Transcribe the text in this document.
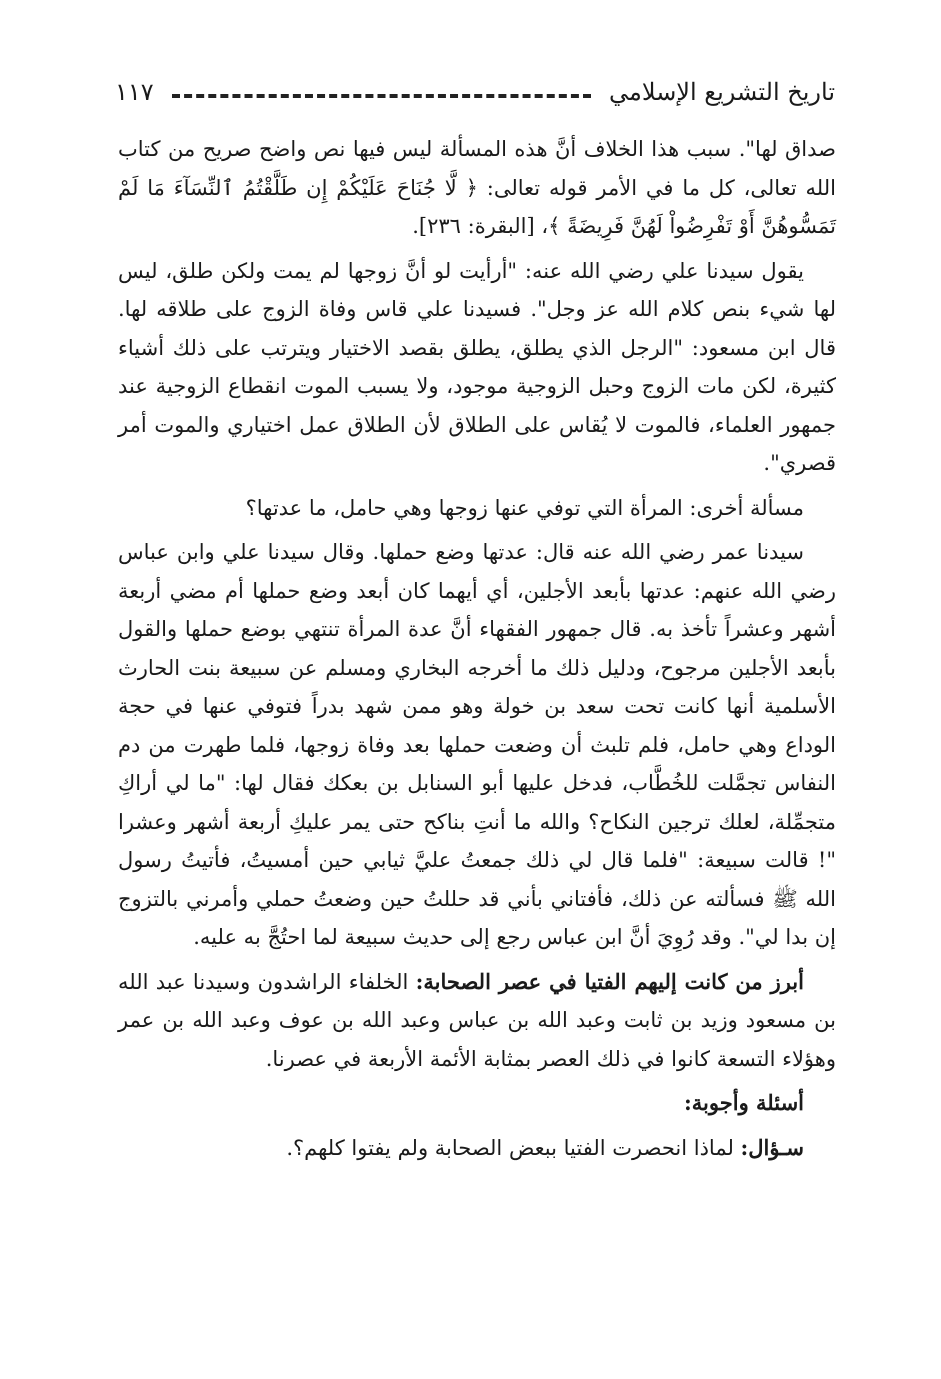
تاريخ التشريع الإسلامي
١١٧

صداق لها". سبب هذا الخلاف أنَّ هذه المسألة ليس فيها نص واضح صريح من كتاب الله تعالى، كل ما في الأمر قوله تعالى: ﴿ لَّا جُنَاحَ عَلَيْكُمْ إِن طَلَّقْتُمُ ٱلنِّسَآءَ مَا لَمْ تَمَسُّوهُنَّ أَوْ تَفْرِضُواْ لَهُنَّ فَرِيضَةً ﴾، [البقرة: ٢٣٦].

يقول سيدنا علي رضي الله عنه: "أرأيت لو أنَّ زوجها لم يمت ولكن طلق، ليس لها شيء بنص كلام الله عز وجل". فسيدنا علي قاس وفاة الزوج على طلاقه لها. قال ابن مسعود: "الرجل الذي يطلق، يطلق بقصد الاختيار ويترتب على ذلك أشياء كثيرة، لكن مات الزوج وحبل الزوجية موجود، ولا يسبب الموت انقطاع الزوجية عند جمهور العلماء، فالموت لا يُقاس على الطلاق لأن الطلاق عمل اختياري والموت أمر قصري".

مسألة أخرى: المرأة التي توفي عنها زوجها وهي حامل، ما عدتها؟

سيدنا عمر رضي الله عنه قال: عدتها وضع حملها. وقال سيدنا علي وابن عباس رضي الله عنهم: عدتها بأبعد الأجلين، أي أيهما كان أبعد وضع حملها أم مضي أربعة أشهر وعشراً تأخذ به. قال جمهور الفقهاء أنَّ عدة المرأة تنتهي بوضع حملها والقول بأبعد الأجلين مرجوح، ودليل ذلك ما أخرجه البخاري ومسلم عن سبيعة بنت الحارث الأسلمية أنها كانت تحت سعد بن خولة وهو ممن شهد بدراً فتوفي عنها في حجة الوداع وهي حامل، فلم تلبث أن وضعت حملها بعد وفاة زوجها، فلما طهرت من دم النفاس تجمَّلت للخُطَّاب، فدخل عليها أبو السنابل بن بعكك فقال لها: "ما لي أراكِ متجمِّلة، لعلك ترجين النكاح؟ والله ما أنتِ بناكح حتى يمر عليكِ أربعة أشهر وعشرا "! قالت سبيعة: "فلما قال لي ذلك جمعتُ عليَّ ثيابي حين أمسيتُ، فأتيتُ رسول الله ﷺ فسألته عن ذلك، فأفتاني بأني قد حللتُ حين وضعتُ حملي وأمرني بالتزوج إن بدا لي". وقد رُوِيَ أنَّ ابن عباس رجع إلى حديث سبيعة لما احتُجَّ به عليه.

أبرز من كانت إليهم الفتيا في عصر الصحابة: الخلفاء الراشدون وسيدنا عبد الله بن مسعود وزيد بن ثابت وعبد الله بن عباس وعبد الله بن عوف وعبد الله بن عمر وهؤلاء التسعة كانوا في ذلك العصر بمثابة الأئمة الأربعة في عصرنا.

أسئلة وأجوبة:

سـؤال: لماذا انحصرت الفتيا ببعض الصحابة ولم يفتوا كلهم؟.
